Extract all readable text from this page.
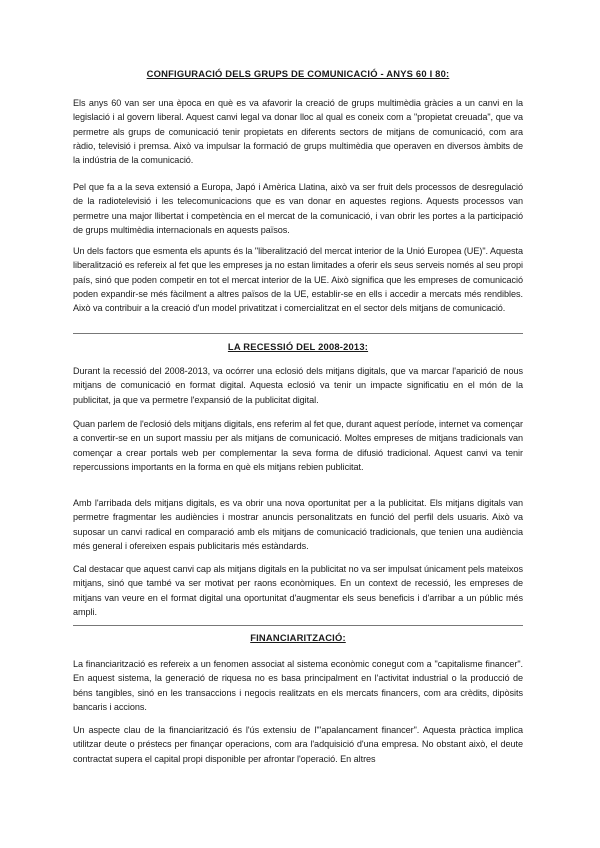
CONFIGURACIÓ DELS GRUPS DE COMUNICACIÓ - ANYS 60 I 80:

Els anys 60 van ser una època en què es va afavorir la creació de grups multimèdia gràcies a un canvi en la legislació i al govern liberal. Aquest canvi legal va donar lloc al qual es coneix com a "propietat creuada", que va permetre als grups de comunicació tenir propietats en diferents sectors de mitjans de comunicació, com ara ràdio, televisió i premsa. Això va impulsar la formació de grups multimèdia que operaven en diversos àmbits de la indústria de la comunicació.

Pel que fa a la seva extensió a Europa, Japó i Amèrica Llatina, això va ser fruit dels processos de desregulació de la radiotelevisió i les telecomunicacions que es van donar en aquestes regions. Aquests processos van permetre una major llibertat i competència en el mercat de la comunicació, i van obrir les portes a la participació de grups multimèdia internacionals en aquests països.

Un dels factors que esmenta els apunts és la "liberalització del mercat interior de la Unió Europea (UE)". Aquesta liberalització es refereix al fet que les empreses ja no estan limitades a oferir els seus serveis només al seu propi país, sinó que poden competir en tot el mercat interior de la UE. Això significa que les empreses de comunicació poden expandir-se més fàcilment a altres països de la UE, establir-se en ells i accedir a mercats més rendibles. Això va contribuir a la creació d'un model privatitzat i comercialitzat en el sector dels mitjans de comunicació.

LA RECESSIÓ DEL 2008-2013:

Durant la recessió del 2008-2013, va ocórrer una eclosió dels mitjans digitals, que va marcar l'aparició de nous mitjans de comunicació en format digital. Aquesta eclosió va tenir un impacte significatiu en el món de la publicitat, ja que va permetre l'expansió de la publicitat digital.

Quan parlem de l'eclosió dels mitjans digitals, ens referim al fet que, durant aquest període, internet va començar a convertir-se en un suport massiu per als mitjans de comunicació. Moltes empreses de mitjans tradicionals van començar a crear portals web per complementar la seva forma de difusió tradicional. Aquest canvi va tenir repercussions importants en la forma en què els mitjans rebien publicitat.

Amb l'arribada dels mitjans digitals, es va obrir una nova oportunitat per a la publicitat. Els mitjans digitals van permetre fragmentar les audiències i mostrar anuncis personalitzats en funció del perfil dels usuaris. Això va suposar un canvi radical en comparació amb els mitjans de comunicació tradicionals, que tenien una audiència més general i ofereixen espais publicitaris més estàndards.

Cal destacar que aquest canvi cap als mitjans digitals en la publicitat no va ser impulsat únicament pels mateixos mitjans, sinó que també va ser motivat per raons econòmiques. En un context de recessió, les empreses de mitjans van veure en el format digital una oportunitat d'augmentar els seus beneficis i d'arribar a un públic més ampli.

FINANCIARITZACIÓ:

La financiarització es refereix a un fenomen associat al sistema econòmic conegut com a "capitalisme financer". En aquest sistema, la generació de riquesa no es basa principalment en l'activitat industrial o la producció de béns tangibles, sinó en les transaccions i negocis realitzats en els mercats financers, com ara crèdits, dipòsits bancaris i accions.

Un aspecte clau de la financiarització és l'ús extensiu de l'"apalancament financer". Aquesta pràctica implica utilitzar deute o préstecs per finançar operacions, com ara l'adquisició d'una empresa. No obstant això, el deute contractat supera el capital propi disponible per afrontar l'operació. En altres
